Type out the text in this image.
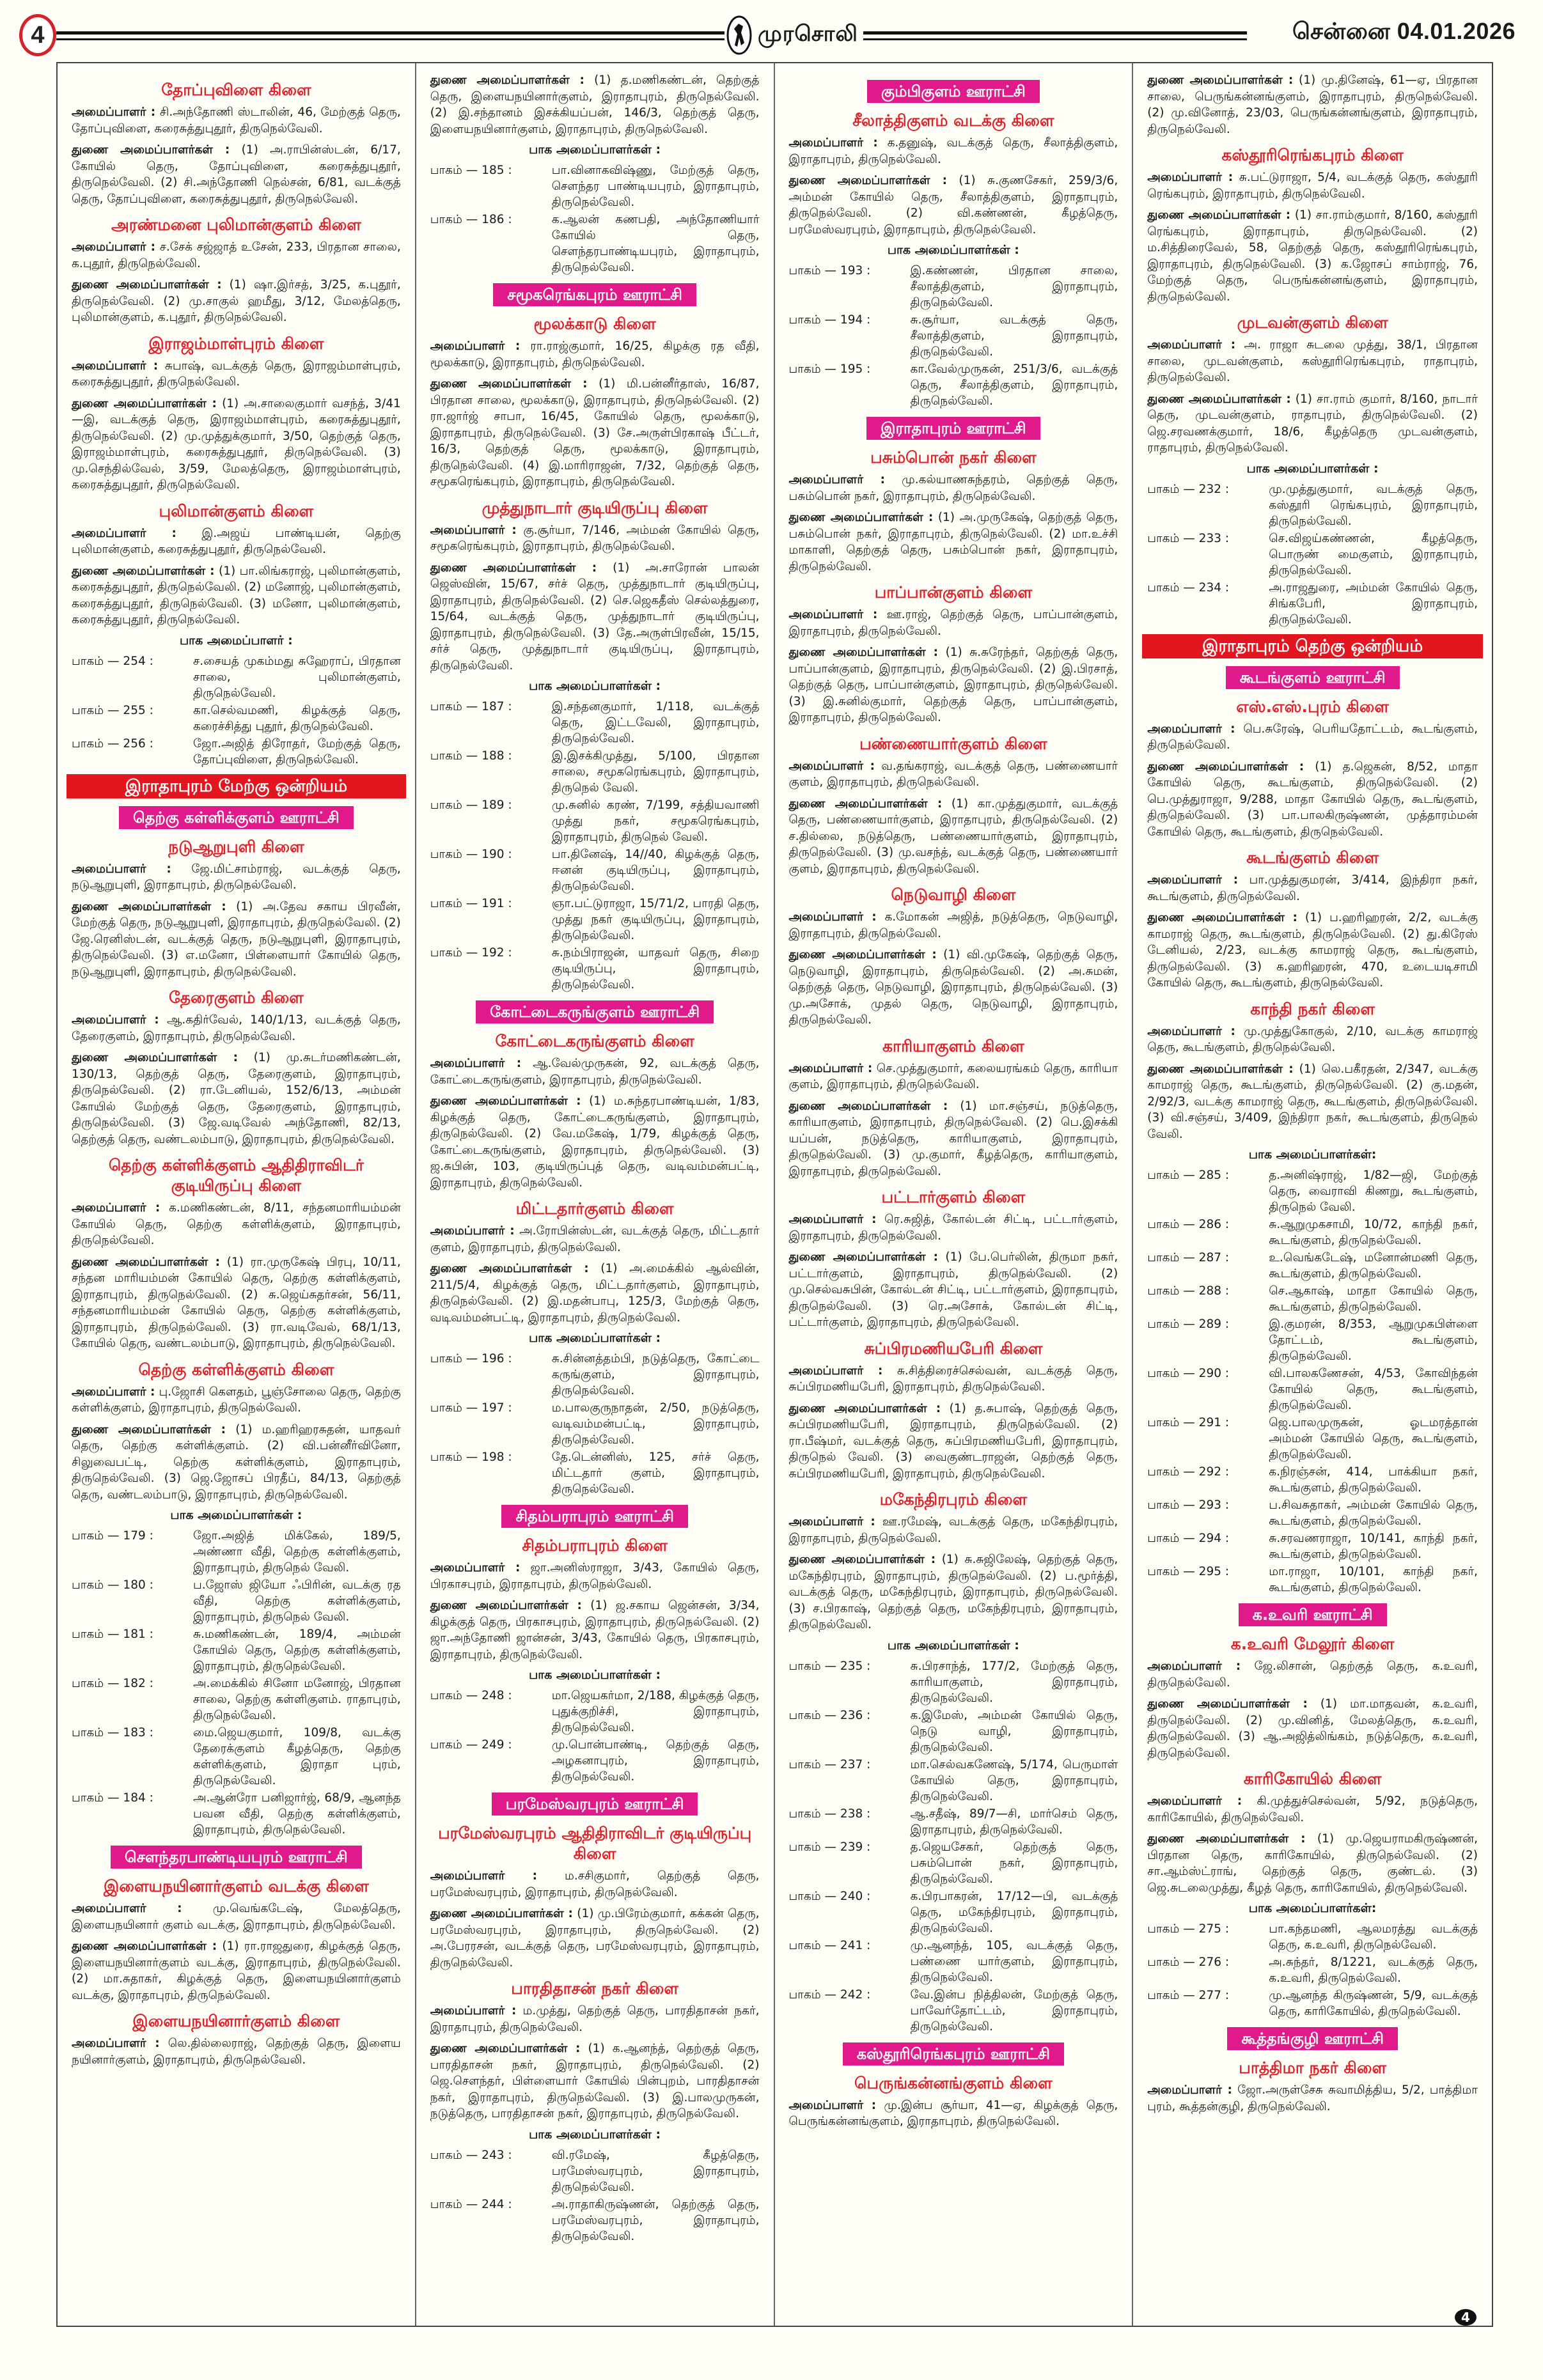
4	முரசொலி	சென்னை 04.01.2026
தோப்புவிளை கிளை
அமைப்பாளர் : சி.அந்தோணி ஸ்டாலின், 46, மேற்குத் தெரு, தோப்புவிளை, கரைசுத்துபுதூர், திருநெல்வேலி.
துணை அமைப்பாளர்கள் : (1) அ.ராபின்ஸ்டன், 6/17, கோயில் தெரு, தோப்புவிளை, கரைசுத்துபுதூர், திருநெல்வேலி. (2) சி.அந்தோணி நெல்சன், 6/81, வடக்குத் தெரு, தோப்புவிளை, கரைசுத்துபுதூர், திருநெல்வேலி.
அரண்மனை புலிமான்குளம் கிளை
அமைப்பாளர் : ச.சேக் சஜ்ஜாத் உசேன், 233, பிரதான சாலை, க.புதூர், திருநெல்வேலி.
துணை அமைப்பாளர்கள் : (1) ஷா.இர்சத், 3/25, க.புதூர், திருநெல்வேலி. (2) மு.சாகுல் ஹமீது, 3/12, மேலத்தெரு, புலிமான்குளம், க.புதூர், திருநெல்வேலி.
இராஜம்மாள்புரம் கிளை
அமைப்பாளர் : சுபாஷ், வடக்குத் தெரு, இராஜம்மாள்புரம், கரைசுத்துபுதூர், திருநெல்வேலி.
துணை அமைப்பாளர்கள் : (1) அ.சாலைகுமார் வசந்த், 3/41—இ, வடக்குத் தெரு, இராஜம்மாள்புரம், கரைசுத்துபுதூர், திருநெல்வேலி. (2) மு.முத்துக்குமார், 3/50, தெற்குத் தெரு, இராஜம்மாள்புரம், கரைசுத்துபுதூர், திருநெல்வேலி. (3) மு.செந்தில்வேல், 3/59, மேலத்தெரு, இராஜம்மாள்புரம், கரைசுத்துபுதூர், திருநெல்வேலி.
புலிமான்குளம் கிளை
அமைப்பாளர் : இ.அஜய் பாண்டியன், தெற்கு புலிமான்குளம், கரைசுத்துபுதூர், திருநெல்வேலி.
துணை அமைப்பாளர்கள் : (1) பா.லிங்கராஜ், புலிமான்குளம், கரைசுத்துபுதூர், திருநெல்வேலி. (2) மனோஜ், புலிமான்குளம், கரைசுத்துபுதூர், திருநெல்வேலி. (3) மனோ, புலிமான்குளம், கரைசுத்துபுதூர், திருநெல்வேலி.
பாக அமைப்பாளர் :
பாகம் — 254 :	ச.சையத் முகம்மது சுஹேராப், பிரதான சாலை, புலிமான்குளம், திருநெல்வேலி.
பாகம் — 255 :	கா.செல்வமணி, கிழக்குத் தெரு, கரைச்சித்து புதூர், திருநெல்வேலி.
பாகம் — 256 :	ஜோ.அஜித் திரோதர், மேற்குத் தெரு, தோப்புவிளை, திருநெல்வேலி.
இராதாபுரம் மேற்கு ஒன்றியம்
தெற்கு கள்ளிக்குளம் ஊராட்சி
நடுஆறுபுளி கிளை
அமைப்பாளர் : ஜே.மிட்சாம்ராஜ், வடக்குத் தெரு, நடுஆறுபுளி, இராதாபுரம், திருநெல்வேலி.
துணை அமைப்பாளர்கள் : (1) அ.தேவ சகாய பிரவீன், மேற்குத் தெரு, நடுஆறுபுளி, இராதாபுரம், திருநெல்வேலி. (2) ஜே.ரெனிஸ்டன், வடக்குத் தெரு, நடுஆறுபுளி, இராதாபுரம், திருநெல்வேலி. (3) எ.மனோ, பிள்ளையார் கோயில் தெரு, நடுஆறுபுளி, இராதாபுரம், திருநெல்வேலி.
தேரைகுளம் கிளை
அமைப்பாளர் : ஆ.கதிர்வேல், 140/1/13, வடக்குத் தெரு, தேரைகுளம், இராதாபுரம், திருநெல்வேலி.
துணை அமைப்பாளர்கள் : (1) மு.சுடர்மணிகண்டன், 130/13, தெற்குத் தெரு, தேரைகுளம், இராதாபுரம், திருநெல்வேலி. (2) ரா.டேனியல், 152/6/13, அம்மன் கோயில் மேற்குத் தெரு, தேரைகுளம், இராதாபுரம், திருநெல்வேலி. (3) ஜே.வடிவேல் அந்தோணி, 82/13, தெற்குத் தெரு, வண்டலம்பாடு, இராதாபுரம், திருநெல்வேலி.
தெற்கு கள்ளிக்குளம் ஆதிதிராவிடர் குடியிருப்பு கிளை
அமைப்பாளர் : க.மணிகண்டன், 8/11, சந்தனமாரியம்மன் கோயில் தெரு, தெற்கு கள்ளிக்குளம், இராதாபுரம், திருநெல்வேலி.
துணை அமைப்பாளர்கள் : (1) ரா.முருகேஷ் பிரபு, 10/11, சந்தன மாரியம்மன் கோயில் தெரு, தெற்கு கள்ளிக்குளம், இராதாபுரம், திருநெல்வேலி. (2) சு.ஜெய்சுதர்சன், 56/11, சந்தனமாரியம்மன் கோயில் தெரு, தெற்கு கள்ளிக்குளம், இராதாபுரம், திருநெல்வேலி. (3) ரா.வடிவேல், 68/1/13, கோயில் தெரு, வண்டலம்பாடு, இராதாபுரம், திருநெல்வேலி.
தெற்கு கள்ளிக்குளம் கிளை
அமைப்பாளர் : பு.ஜோசி கௌதம், பூஞ்சோலை தெரு, தெற்கு கள்ளிக்குளம், இராதாபுரம், திருநெல்வேலி.
துணை அமைப்பாளர்கள் : (1) ம.ஹரிஹரசுதன், யாதவர் தெரு, தெற்கு கள்ளிக்குளம். (2) வி.பன்னீர்வினோ, சிலுவைபட்டி, தெற்கு கள்ளிக்குளம், இராதாபுரம், திருநெல்வேலி. (3) ஜெ.ஜோசப் பிரதீப், 84/13, தெற்குத் தெரு, வண்டலம்பாடு, இராதாபுரம், திருநெல்வேலி.
பாக அமைப்பாளர்கள் :
பாகம் — 179 :	ஜோ.அஜித் மிக்கேல், 189/5, அண்ணா வீதி, தெற்கு கள்ளிக்குளம், இராதாபுரம், திருநெல் வேலி.
பாகம் — 180 :	ப.ஜோஸ் ஜியோ ஃபிரின், வடக்கு ரத வீதி, தெற்கு கள்ளிக்குளம், இராதாபுரம், திருநெல் வேலி.
பாகம் — 181 :	சு.மணிகண்டன், 189/4, அம்மன் கோயில் தெரு, தெற்கு கள்ளிக்குளம், இராதாபுரம், திருநெல்வேலி.
பாகம் — 182 :	அ.மைக்கில் சினோ மனோஜ், பிரதான சாலை, தெற்கு கள்ளிகுளம். ராதாபுரம், திருநெல்வேலி.
பாகம் — 183 :	மை.ஜெயகுமார், 109/8, வடக்கு தேரைக்குளம் கீழத்தெரு, தெற்கு கள்ளிக்குளம், இராதா புரம், திருநெல்வேலி.
பாகம் — 184 :	அ.ஆன்ரோ பனிஜார்ஜ், 68/9, ஆனந்த பவன வீதி, தெற்கு கள்ளிக்குளம், இராதாபுரம், திருநெல்வேலி.
சௌந்தரபாண்டியபுரம் ஊராட்சி
இளையநயினார்குளம் வடக்கு கிளை
அமைப்பாளர் :	மு.வெங்கடேஷ், மேலத்தெரு, இளையநயினார் குளம் வடக்கு, இராதாபுரம், திருநெல்வேலி.
துணை அமைப்பாளர்கள் : (1) ரா.ராஜதுரை, கிழக்குத் தெரு, இளையநயினார்குளம் வடக்கு, இராதாபுரம், திருநெல்வேலி. (2) மா.சுதாகர், கிழக்குத் தெரு, இளையநயினார்குளம் வடக்கு, இராதாபுரம், திருநெல்வேலி.
இளையநயினார்குளம் கிளை
அமைப்பாளர் : லெ.தில்லைராஜ், தெற்குத் தெரு, இளைய நயினார்குளம், இராதாபுரம், திருநெல்வேலி.
துணை அமைப்பாளர்கள் : (1) த.மணிகண்டன், தெற்குத் தெரு, இளையநயினார்குளம், இராதாபுரம், திருநெல்வேலி. (2) இ.சந்தானம் இசக்கியப்பன், 146/3, தெற்குத் தெரு, இளையநயினார்குளம், இராதாபுரம், திருநெல்வேலி.
பாக அமைப்பாளர்கள் :
பாகம் — 185 :	பா.வினாகவிஷ்ணு, மேற்குத் தெரு, சௌந்தர பாண்டியபுரம், இராதாபுரம், திருநெல்வேலி.
பாகம் — 186 :	க.ஆலன் கணபதி, அந்தோணியார் கோயில் தெரு, சௌந்தரபாண்டியபுரம், இராதாபுரம், திருநெல்வேலி.
சமூகரெங்கபுரம் ஊராட்சி
மூலக்காடு கிளை
அமைப்பாளர் : ரா.ராஜ்குமார், 16/25, கிழக்கு ரத வீதி, மூலக்காடு, இராதாபுரம், திருநெல்வேலி.
துணை அமைப்பாளர்கள் : (1) மி.பன்னீர்தாஸ், 16/87, பிரதான சாலை, மூலக்காடு, இராதாபுரம், திருநெல்வேலி. (2) ரா.ஜார்ஜ் சாபா, 16/45, கோயில் தெரு, மூலக்காடு, இராதாபுரம், திருநெல்வேலி. (3) சே.அருள்பிரகாஷ் பீட்டர், 16/3, தெற்குத் தெரு, மூலக்காடு, இராதாபுரம், திருநெல்வேலி. (4) இ.மாரிராஜன், 7/32, தெற்குத் தெரு, சமூகரெங்கபுரம், இராதாபுரம், திருநெல்வேலி.
முத்துநாடார் குடியிருப்பு கிளை
அமைப்பாளர் : கு.சூர்யா, 7/146, அம்மன் கோயில் தெரு, சமூகரெங்கபுரம், இராதாபுரம், திருநெல்வேலி.
துணை அமைப்பாளர்கள் : (1) அ.சாரோன் பாலன் ஜெஸ்வின், 15/67, சர்ச் தெரு, முத்துநாடார் குடியிருப்பு, இராதாபுரம், திருநெல்வேலி. (2) செ.ஜெகதீஸ் செல்லத்துரை, 15/64, வடக்குத் தெரு, முத்துநாடார் குடியிருப்பு, இராதாபுரம், திருநெல்வேலி. (3) தே.அருள்பிரவீன், 15/15, சர்ச் தெரு, முத்துநாடார் குடியிருப்பு, இராதாபுரம், திருநெல்வேலி.
பாக அமைப்பாளர்கள் :
பாகம் — 187 :	இ.சந்தனகுமார், 1/118, வடக்குத் தெரு, இட்டவேலி, இராதாபுரம், திருநெல்வேலி.
பாகம் — 188 :	இ.இசக்கிமுத்து, 5/100, பிரதான சாலை, சமூகரெங்கபுரம், இராதாபுரம், திருநெல் வேலி.
பாகம் — 189 :	மு.சுனில் கரண், 7/199, சத்தியவாணி முத்து நகர், சமூகரெங்கபுரம், இராதாபுரம், திருநெல் வேலி.
பாகம் — 190 :	பா.தினேஷ், 14//40, கிழக்குத் தெரு, ஈனன் குடியிருப்பு, இராதாபுரம், திருநெல்வேலி.
பாகம் — 191 :	ஞா.பட்டுராஜா, 15/71/2, பாரதி தெரு, முத்து நகர் குடியிருப்பு, இராதாபுரம், திருநெல்வேலி.
பாகம் — 192 :	சு.நம்பிராஜன், யாதவர் தெரு, சிறை குடியிருப்பு, இராதாபுரம், திருநெல்வேலி.
கோட்டைகருங்குளம் ஊராட்சி
கோட்டைகருங்குளம் கிளை
அமைப்பாளர் : ஆ.வேல்முருகன், 92, வடக்குத் தெரு, கோட்டைகருங்குளம், இராதாபுரம், திருநெல்வேலி.
துணை அமைப்பாளர்கள் : (1) ம.சுந்தரபாண்டியன், 1/83, கிழக்குத் தெரு, கோட்டைகருங்குளம், இராதாபுரம், திருநெல்வேலி. (2) வே.மகேஷ், 1/79, கிழக்குத் தெரு, கோட்டைகருங்குளம், இராதாபுரம், திருநெல்வேலி. (3) ஜ.சுபின், 103, குடியிருப்புத் தெரு, வடிவம்மன்பட்டி, இராதாபுரம், திருநெல்வேலி.
மிட்டதார்குளம் கிளை
அமைப்பாளர் : அ.ரோபின்ஸ்டன், வடக்குத் தெரு, மிட்டதார் குளம், இராதாபுரம், திருநெல்வேலி.
துணை அமைப்பாளர்கள் : (1) அ.மைக்கில் ஆல்வின், 211/5/4, கிழக்குத் தெரு, மிட்டதார்குளம், இராதாபுரம், திருநெல்வேலி. (2) இ.மதன்பாபு, 125/3, மேற்குத் தெரு, வடிவம்மன்பட்டி, இராதாபுரம், திருநெல்வேலி.
பாக அமைப்பாளர்கள் :
பாகம் — 196 :	சு.சின்னத்தம்பி, நடுத்தெரு, கோட்டை கருங்குளம், இராதாபுரம், திருநெல்வேலி.
பாகம் — 197 :	ம.பாலகுருநாதன், 2/50, நடுத்தெரு, வடிவம்மன்பட்டி, இராதாபுரம், திருநெல்வேலி.
பாகம் — 198 :	தே.டென்னிஸ், 125, சர்ச் தெரு, மிட்டதார் குளம், இராதாபுரம், திருநெல்வேலி.
சிதம்பராபுரம் ஊராட்சி
சிதம்பராபுரம் கிளை
அமைப்பாளர் : ஜா.அனிஸ்ராஜா, 3/43, கோயில் தெரு, பிரகாசபுரம், இராதாபுரம், திருநெல்வேலி.
துணை அமைப்பாளர்கள் : (1) ஜ.சகாய ஜென்சன், 3/34, கிழக்குத் தெரு, பிரகாசபுரம், இராதாபுரம், திருநெல்வேலி. (2) ஜா.அந்தோணி ஜான்சன், 3/43, கோயில் தெரு, பிரகாசபுரம், இராதாபுரம், திருநெல்வேலி.
பாக அமைப்பாளர்கள் :
பாகம் — 248 :	மா.ஜெயகர்மா, 2/188, கிழக்குத் தெரு, புதுக்குறிச்சி, இராதாபுரம், திருநெல்வேலி.
பாகம் — 249 :	மு.பொன்பாண்டி, தெற்குத் தெரு, அழகனாபுரம், இராதாபுரம், திருநெல்வேலி.
பரமேஸ்வரபுரம் ஊராட்சி
பரமேஸ்வரபுரம் ஆதிதிராவிடர் குடியிருப்பு கிளை
அமைப்பாளர் : ம.சசிகுமார், தெற்குத் தெரு, பரமேஸ்வரபுரம், இராதாபுரம், திருநெல்வேலி.
துணை அமைப்பாளர்கள் : (1) மு.பிரேம்குமார், கக்கன் தெரு, பரமேஸ்வரபுரம், இராதாபுரம், திருநெல்வேலி. (2) அ.பேரரசன், வடக்குத் தெரு, பரமேஸ்வரபுரம், இராதாபுரம், திருநெல்வேலி.
பாரதிதாசன் நகர் கிளை
அமைப்பாளர் : ம.முத்து, தெற்குத் தெரு, பாரதிதாசன் நகர், இராதாபுரம், திருநெல்வேலி.
துணை அமைப்பாளர்கள் : (1) க.ஆனந்த், தெற்குத் தெரு, பாரதிதாசன் நகர், இராதாபுரம், திருநெல்வேலி. (2) ஜெ.சௌந்தர், பிள்ளையார் கோயில் பின்புறம், பாரதிதாசன் நகர், இராதாபுரம், திருநெல்வேலி. (3) இ.பாலமுருகன், நடுத்தெரு, பாரதிதாசன் நகர், இராதாபுரம், திருநெல்வேலி.
பாக அமைப்பாளர்கள் :
பாகம் — 243 :	வி.ரமேஷ், கீழத்தெரு, பரமேஸ்வரபுரம், இராதாபுரம், திருநெல்வேலி.
பாகம் — 244 :	அ.ராதாகிருஷ்ணன், தெற்குத் தெரு, பரமேஸ்வரபுரம், இராதாபுரம், திருநெல்வேலி.
கும்பிகுளம் ஊராட்சி
சீலாத்திகுளம் வடக்கு கிளை
அமைப்பாளர் : க.தனுஷ், வடக்குத் தெரு, சீலாத்திகுளம், இராதாபுரம், திருநெல்வேலி.
துணை அமைப்பாளர்கள் : (1) சு.குணசேகர், 259/3/6, அம்மன் கோயில் தெரு, சீலாத்திகுளம், இராதாபுரம், திருநெல்வேலி. (2) வி.கண்ணன், கீழத்தெரு, பரமேஸ்வரபுரம், இராதாபுரம், திருநெல்வேலி.
பாக அமைப்பாளர்கள் :
பாகம் — 193 :	இ.கண்ணன், பிரதான சாலை, சீலாத்திகுளம், இராதாபுரம், திருநெல்வேலி.
பாகம் — 194 :	சு.சூர்யா, வடக்குத் தெரு, சீலாத்திகுளம், இராதாபுரம், திருநெல்வேலி.
பாகம் — 195 :	கா.வேல்முருகன், 251/3/6, வடக்குத் தெரு, சீலாத்திகுளம், இராதாபுரம், திருநெல்வேலி.
இராதாபுரம் ஊராட்சி
பசும்பொன் நகர் கிளை
அமைப்பாளர் : மு.கல்யாணசுந்தரம், தெற்குத் தெரு, பசும்பொன் நகர், இராதாபுரம், திருநெல்வேலி.
துணை அமைப்பாளர்கள் : (1) அ.முருகேஷ், தெற்குத் தெரு, பசும்பொன் நகர், இராதாபுரம், திருநெல்வேலி. (2) மா.உச்சி மாகாளி, தெற்குத் தெரு, பசும்பொன் நகர், இராதாபுரம், திருநெல்வேலி.
பாப்பான்குளம் கிளை
அமைப்பாளர் : ஊ.ராஜ், தெற்குத் தெரு, பாப்பான்குளம், இராதாபுரம், திருநெல்வேலி.
துணை அமைப்பாளர்கள் : (1) சு.சுரேந்தர், தெற்குத் தெரு, பாப்பான்குளம், இராதாபுரம், திருநெல்வேலி. (2) இ.பிரசாத், தெற்குத் தெரு, பாப்பான்குளம், இராதாபுரம், திருநெல்வேலி. (3) இ.சுனில்குமார், தெற்குத் தெரு, பாப்பான்குளம், இராதாபுரம், திருநெல்வேலி.
பண்ணையார்குளம் கிளை
அமைப்பாளர் : வ.தங்கராஜ், வடக்குத் தெரு, பண்ணையார் குளம், இராதாபுரம், திருநெல்வேலி.
துணை அமைப்பாளர்கள் : (1) கா.முத்துகுமார், வடக்குத் தெரு, பண்ணையார்குளம், இராதாபுரம், திருநெல்வேலி. (2) ச.தில்லை, நடுத்தெரு, பண்ணையார்குளம், இராதாபுரம், திருநெல்வேலி. (3) மு.வசந்த், வடக்குத் தெரு, பண்ணையார் குளம், இராதாபுரம், திருநெல்வேலி.
நெடுவாழி கிளை
அமைப்பாளர் : க.மோகன் அஜித், நடுத்தெரு, நெடுவாழி, இராதாபுரம், திருநெல்வேலி.
துணை அமைப்பாளர்கள் : (1) வி.முகேஷ், தெற்குத் தெரு, நெடுவாழி, இராதாபுரம், திருநெல்வேலி. (2) அ.சுமன், தெற்குத் தெரு, நெடுவாழி, இராதாபுரம், திருநெல்வேலி. (3) மு.அசோக், முதல் தெரு, நெடுவாழி, இராதாபுரம், திருநெல்வேலி.
காரியாகுளம் கிளை
அமைப்பாளர் : செ.முத்துகுமார், கலையரங்கம் தெரு, காரியா குளம், இராதாபுரம், திருநெல்வேலி.
துணை அமைப்பாளர்கள் : (1) மா.சஞ்சய், நடுத்தெரு, காரியாகுளம், இராதாபுரம், திருநெல்வேலி. (2) பெ.இசக்கி யப்பன், நடுத்தெரு, காரியாகுளம், இராதாபுரம், திருநெல்வேலி. (3) மு.குமார், கீழத்தெரு, காரியாகுளம், இராதாபுரம், திருநெல்வேலி.
பட்டார்குளம் கிளை
அமைப்பாளர் : ரெ.சுஜித், கோல்டன் சிட்டி, பட்டார்குளம், இராதாபுரம், திருநெல்வேலி.
துணை அமைப்பாளர்கள் : (1) பே.பெர்லின், திருமா நகர், பட்டார்குளம், இராதாபுரம், திருநெல்வேலி. (2) மு.செல்வசுபின், கோல்டன் சிட்டி, பட்டார்குளம், இராதாபுரம், திருநெல்வேலி. (3) ரெ.அசோக், கோல்டன் சிட்டி, பட்டார்குளம், இராதாபுரம், திருநெல்வேலி.
சுப்பிரமணியபேரி கிளை
அமைப்பாளர் : சு.சித்திரைச்செல்வன், வடக்குத் தெரு, சுப்பிரமணியபேரி, இராதாபுரம், திருநெல்வேலி.
துணை அமைப்பாளர்கள் : (1) த.சுபாஷ், தெற்குத் தெரு, சுப்பிரமணியபேரி, இராதாபுரம், திருநெல்வேலி. (2) ரா.பீஷ்மர், வடக்குத் தெரு, சுப்பிரமணியபேரி, இராதாபுரம், திருநெல் வேலி. (3) வைகுண்டராஜன், தெற்குத் தெரு, சுப்பிரமணியபேரி, இராதாபுரம், திருநெல்வேலி.
மகேந்திரபுரம் கிளை
அமைப்பாளர் : ஊ.ரமேஷ், வடக்குத் தெரு, மகேந்திரபுரம், இராதாபுரம், திருநெல்வேலி.
துணை அமைப்பாளர்கள் : (1) சு.சுஜிலேஷ், தெற்குத் தெரு, மகேந்திரபுரம், இராதாபுரம், திருநெல்வேலி. (2) ப.மூர்த்தி, வடக்குத் தெரு, மகேந்திரபுரம், இராதாபுரம், திருநெல்வேலி. (3) ச.பிரகாஷ், தெற்குத் தெரு, மகேந்திரபுரம், இராதாபுரம், திருநெல்வேலி.
பாக அமைப்பாளர்கள் :
பாகம் — 235 :	சு.பிரசாந்த், 177/2, மேற்குத் தெரு, காரியாகுளம், இராதாபுரம், திருநெல்வேலி.
பாகம் — 236 :	க.இமேஸ், அம்மன் கோயில் தெரு, நெடு வாழி, இராதாபுரம், திருநெல்வேலி.
பாகம் — 237 :	மா.செல்வகணேஷ், 5/174, பெருமாள் கோயில் தெரு, இராதாபுரம், திருநெல்வேலி.
பாகம் — 238 :	ஆ.சதீஷ், 89/7—சி, மார்செம் தெரு, இராதாபுரம், திருநெல்வேலி.
பாகம் — 239 :	த.ஜெயசேகர், தெற்குத் தெரு, பசும்பொன் நகர், இராதாபுரம், திருநெல்வேலி.
பாகம் — 240 :	க.பிரபாகரன், 17/12—பி, வடக்குத் தெரு, மகேந்திரபுரம், இராதாபுரம், திருநெல்வேலி.
பாகம் — 241 :	மு.ஆனந்த், 105, வடக்குத் தெரு, பண்ணை யார்குளம், இராதாபுரம், திருநெல்வேலி.
பாகம் — 242 :	வே.இன்ப நித்திலன், மேற்குத் தெரு, பாவேர்தோட்டம், இராதாபுரம், திருநெல்வேலி.
கஸ்தூரிரெங்கபுரம் ஊராட்சி
பெருங்கன்னங்குளம் கிளை
அமைப்பாளர் : மு.இன்ப சூர்யா, 41—ஏ, கிழக்குத் தெரு, பெருங்கன்னங்குளம், இராதாபுரம், திருநெல்வேலி.
துணை அமைப்பாளர்கள் : (1) மு.தினேஷ், 61—ஏ, பிரதான சாலை, பெருங்கன்னங்குளம், இராதாபுரம், திருநெல்வேலி. (2) மு.வினோத், 23/03, பெருங்கன்னங்குளம், இராதாபுரம், திருநெல்வேலி.
கஸ்தூரிரெங்கபுரம் கிளை
அமைப்பாளர் : சு.பட்டுராஜா, 5/4, வடக்குத் தெரு, கஸ்தூரி ரெங்கபுரம், இராதாபுரம், திருநெல்வேலி.
துணை அமைப்பாளர்கள் : (1) சா.ராம்குமார், 8/160, கஸ்தூரி ரெங்கபுரம், இராதாபுரம், திருநெல்வேலி. (2) ம.சித்திரைவேல், 58, தெற்குத் தெரு, கஸ்தூரிரெங்கபுரம், இராதாபுரம், திருநெல்வேலி. (3) க.ஜோசப் சாம்ராஜ், 76, மேற்குத் தெரு, பெருங்கன்னங்குளம், இராதாபுரம், திருநெல்வேலி.
முடவன்குளம் கிளை
அமைப்பாளர் : அ. ராஜா சுடலை முத்து, 38/1, பிரதான சாலை, முடவன்குளம், கஸ்தூரிரெங்கபுரம், ராதாபுரம், திருநெல்வேலி.
துணை அமைப்பாளர்கள் : (1) சா.ராம் குமார், 8/160, நாடார் தெரு, முடவன்குளம், ராதாபுரம், திருநெல்வேலி. (2) ஜெ.சரவணக்குமார், 18/6, கீழத்தெரு முடவன்குளம், ராதாபுரம், திருநெல்வேலி.
பாக அமைப்பாளர்கள் :
பாகம் — 232 :	மு.முத்துகுமார், வடக்குத் தெரு, கஸ்தூரி ரெங்கபுரம், இராதாபுரம், திருநெல்வேலி.
பாகம் — 233 :	செ.விஜய்கண்ணன், கீழத்தெரு, பொருண் மைகுளம், இராதாபுரம், திருநெல்வேலி.
பாகம் — 234 :	அ.ராஜதுரை, அம்மன் கோயில் தெரு, சிங்கபேரி, இராதாபுரம், திருநெல்வேலி.
இராதாபுரம் தெற்கு ஒன்றியம்
கூடங்குளம் ஊராட்சி
எஸ்.எஸ்.புரம் கிளை
அமைப்பாளர் : பெ.சுரேஷ், பெரியதோட்டம், கூடங்குளம், திருநெல்வேலி.
துணை அமைப்பாளர்கள் : (1) த.ஜெகன், 8/52, மாதா கோயில் தெரு, கூடங்குளம், திருநெல்வேலி. (2) பெ.முத்துராஜா, 9/288, மாதா கோயில் தெரு, கூடங்குளம், திருநெல்வேலி. (3) பா.பாலகிருஷ்ணன், முத்தாரம்மன் கோயில் தெரு, கூடங்குளம், திருநெல்வேலி.
கூடங்குளம் கிளை
அமைப்பாளர் : பா.முத்துகுமரன், 3/414, இந்திரா நகர், கூடங்குளம், திருநெல்வேலி.
துணை அமைப்பாளர்கள் : (1) ப.ஹரிஹரன், 2/2, வடக்கு காமராஜ் தெரு, கூடங்குளம், திருநெல்வேலி. (2) து.கிரேஸ் டேனியல், 2/23, வடக்கு காமராஜ் தெரு, கூடங்குளம், திருநெல்வேலி. (3) க.ஹரிஹரன், 470, உடையடிசாமி கோயில் தெரு, கூடங்குளம், திருநெல்வேலி.
காந்தி நகர் கிளை
அமைப்பாளர் : மு.முத்துகோகுல், 2/10, வடக்கு காமராஜ் தெரு, கூடங்குளம், திருநெல்வேலி.
துணை அமைப்பாளர்கள் : (1) லெ.பகீரதன், 2/347, வடக்கு காமராஜ் தெரு, கூடங்குளம், திருநெல்வேலி. (2) கு.மதன், 2/92/3, வடக்கு காமராஜ் தெரு, கூடங்குளம், திருநெல்வேலி. (3) வி.சஞ்சய், 3/409, இந்திரா நகர், கூடங்குளம், திருநெல் வேலி.
பாக அமைப்பாளர்கள்:
பாகம் — 285 :	த.அனிஷ்ராஜ், 1/82—ஜி, மேற்குத் தெரு, வைராவி கிணறு, கூடங்குளம், திருநெல் வேலி.
பாகம் — 286 :	சு.ஆறுமுகசாமி, 10/72, காந்தி நகர், கூடங்குளம், திருநெல்வேலி.
பாகம் — 287 :	உ.வெங்கடேஷ், மனோன்மணி தெரு, கூடங்குளம், திருநெல்வேலி.
பாகம் — 288 :	செ.ஆகாஷ், மாதா கோயில் தெரு, கூடங்குளம், திருநெல்வேலி.
பாகம் — 289 :	இ.குமரன், 8/353, ஆறுமுகபிள்ளை தோட்டம், கூடங்குளம், திருநெல்வேலி.
பாகம் — 290 :	வி.பாலகணேசன், 4/53, கோவிந்தன் கோயில் தெரு, கூடங்குளம், திருநெல்வேலி.
பாகம் — 291 :	ஜெ.பாலமுருகன், ஓடமரத்தான் அம்மன் கோயில் தெரு, கூடங்குளம், திருநெல்வேலி.
பாகம் — 292 :	க.நிரஞ்சன், 414, பாக்கியா நகர், கூடங்குளம், திருநெல்வேலி.
பாகம் — 293 :	ப.சிவசுதாகர், அம்மன் கோயில் தெரு, கூடங்குளம், திருநெல்வேலி.
பாகம் — 294 :	சு.சரவணராஜா, 10/141, காந்தி நகர், கூடங்குளம், திருநெல்வேலி.
பாகம் — 295 :	மா.ராஜா, 10/101, காந்தி நகர், கூடங்குளம், திருநெல்வேலி.
க.உவரி ஊராட்சி
க.உவரி மேலூர் கிளை
அமைப்பாளர் : ஜே.லிசான், தெற்குத் தெரு, க.உவரி, திருநெல்வேலி.
துணை அமைப்பாளர்கள் : (1) மா.மாதவன், க.உவரி, திருநெல்வேலி. (2) மு.வினித், மேலத்தெரு, க.உவரி, திருநெல்வேலி. (3) ஆ.அஜித்லிங்கம், நடுத்தெரு, க.உவரி, திருநெல்வேலி.
காரிகோயில் கிளை
அமைப்பாளர் : கி.முத்துச்செல்வன், 5/92, நடுத்தெரு, காரிகோயில், திருநெல்வேலி.
துணை அமைப்பாளர்கள் : (1) மு.ஜெயராமகிருஷ்ணன், பிரதான தெரு, காரிகோயில், திருநெல்வேலி. (2) சா.ஆம்ஸ்ட்ராங், தெற்குத் தெரு, குண்டல். (3) ஜெ.சுடலைமுத்து, கீழத் தெரு, காரிகோயில், திருநெல்வேலி.
பாக அமைப்பாளர்கள்:
பாகம் — 275 :	பா.கந்தமணி, ஆலமரத்து வடக்குத் தெரு, க.உவரி, திருநெல்வேலி.
பாகம் — 276 :	அ.சுந்தர், 8/1221, வடக்குத் தெரு, க.உவரி, திருநெல்வேலி.
பாகம் — 277 :	மு.ஆனந்த கிருஷ்ணன், 5/9, வடக்குத் தெரு, காரிகோயில், திருநெல்வேலி.
கூத்தங்குழி ஊராட்சி
பாத்திமா நகர் கிளை
அமைப்பாளர் : ஜோ.அருள்சேசு சுவாமித்திய, 5/2, பாத்திமா புரம், கூத்தன்குழி, திருநெல்வேலி.
4
